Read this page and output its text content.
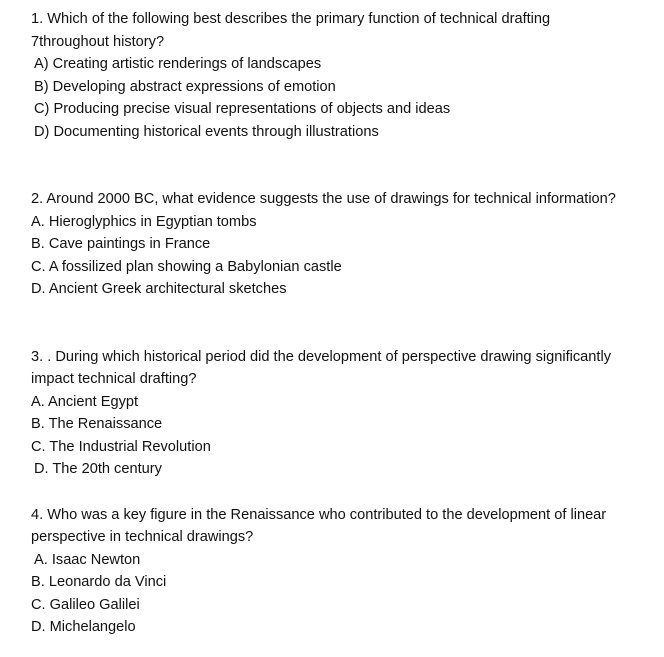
1. Which of the following best describes the primary function of technical drafting
7throughout history?
A) Creating artistic renderings of landscapes
B) Developing abstract expressions of emotion
C) Producing precise visual representations of objects and ideas
D) Documenting historical events through illustrations
2. Around 2000 BC, what evidence suggests the use of drawings for technical information?
A. Hieroglyphics in Egyptian tombs
B. Cave paintings in France
C. A fossilized plan showing a Babylonian castle
D. Ancient Greek architectural sketches
3. . During which historical period did the development of perspective drawing significantly
impact technical drafting?
A. Ancient Egypt
B. The Renaissance
C. The Industrial Revolution
D. The 20th century
4. Who was a key figure in the Renaissance who contributed to the development of linear
perspective in technical drawings?
A. Isaac Newton
B. Leonardo da Vinci
C. Galileo Galilei
D. Michelangelo
